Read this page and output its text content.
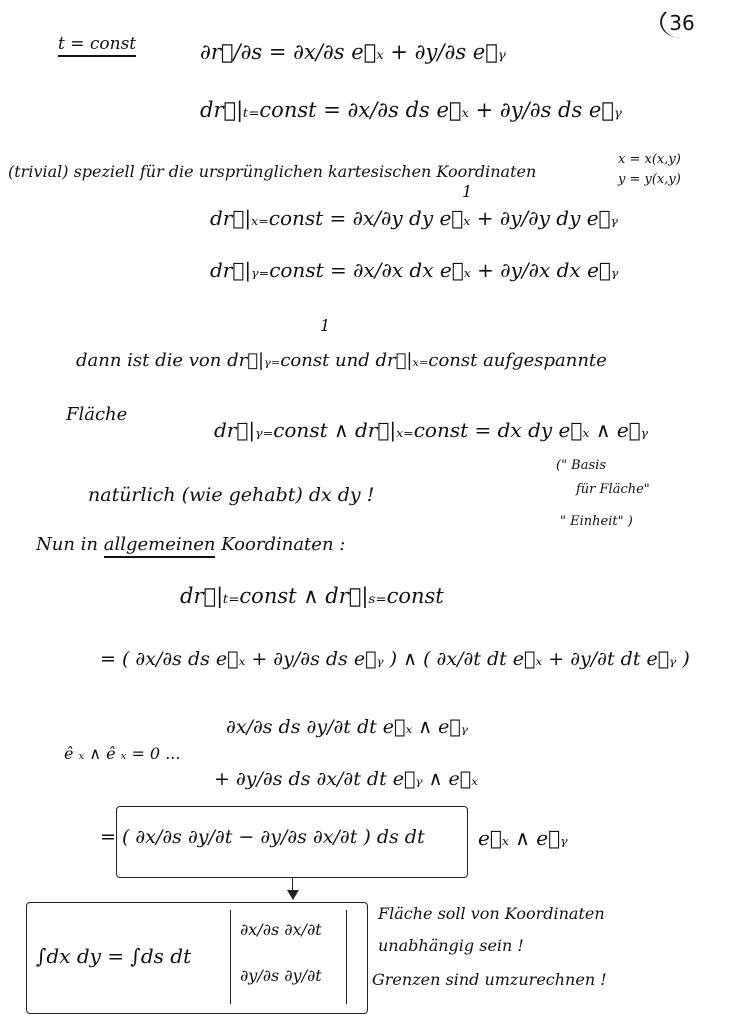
36
t = const	∂r⃗/∂s = ∂x/∂s e⃗ₓ + ∂y/∂s e⃗ᵧ
dr⃗|ₜ₌const = ∂x/∂s ds e⃗ₓ + ∂y/∂s ds e⃗ᵧ
(trivial) speziell für die ursprünglichen kartesischen Koordinaten
x = x(x,y)
y = y(x,y)
1
dr⃗|ₓ₌const = ∂x/∂y dy e⃗ₓ + ∂y/∂y dy e⃗ᵧ
dr⃗|ᵧ₌const = ∂x/∂x dx e⃗ₓ + ∂y/∂x dx e⃗ᵧ
1
dann ist die von dr⃗|ᵧ₌const und dr⃗|ₓ₌const aufgespannte
Fläche
dr⃗|ᵧ₌const ∧ dr⃗|ₓ₌const = dx dy e⃗ₓ ∧ e⃗ᵧ
(" Basis
für Fläche"
" Einheit" )
natürlich (wie gehabt) dx dy !
Nun in allgemeinen Koordinaten :
dr⃗|ₜ₌const ∧ dr⃗|ₛ₌const
= ( ∂x/∂s ds e⃗ₓ + ∂y/∂s ds e⃗ᵧ ) ∧ ( ∂x/∂t dt e⃗ₓ + ∂y/∂t dt e⃗ᵧ )
ê ₓ ∧ ê ₓ = 0 ...
∂x/∂s ds ∂y/∂t dt e⃗ₓ ∧ e⃗ᵧ
+ ∂y/∂s ds ∂x/∂t dt e⃗ᵧ ∧ e⃗ₓ
= ( ∂x/∂s ∂y/∂t − ∂y/∂s ∂x/∂t ) ds dt	e⃗ₓ ∧ e⃗ᵧ
∫dx dy = ∫ds dt
∂x/∂s ∂x/∂t
∂y/∂s ∂y/∂t
Fläche soll von Koordinaten
unabhängig sein !
Grenzen sind umzurechnen !
